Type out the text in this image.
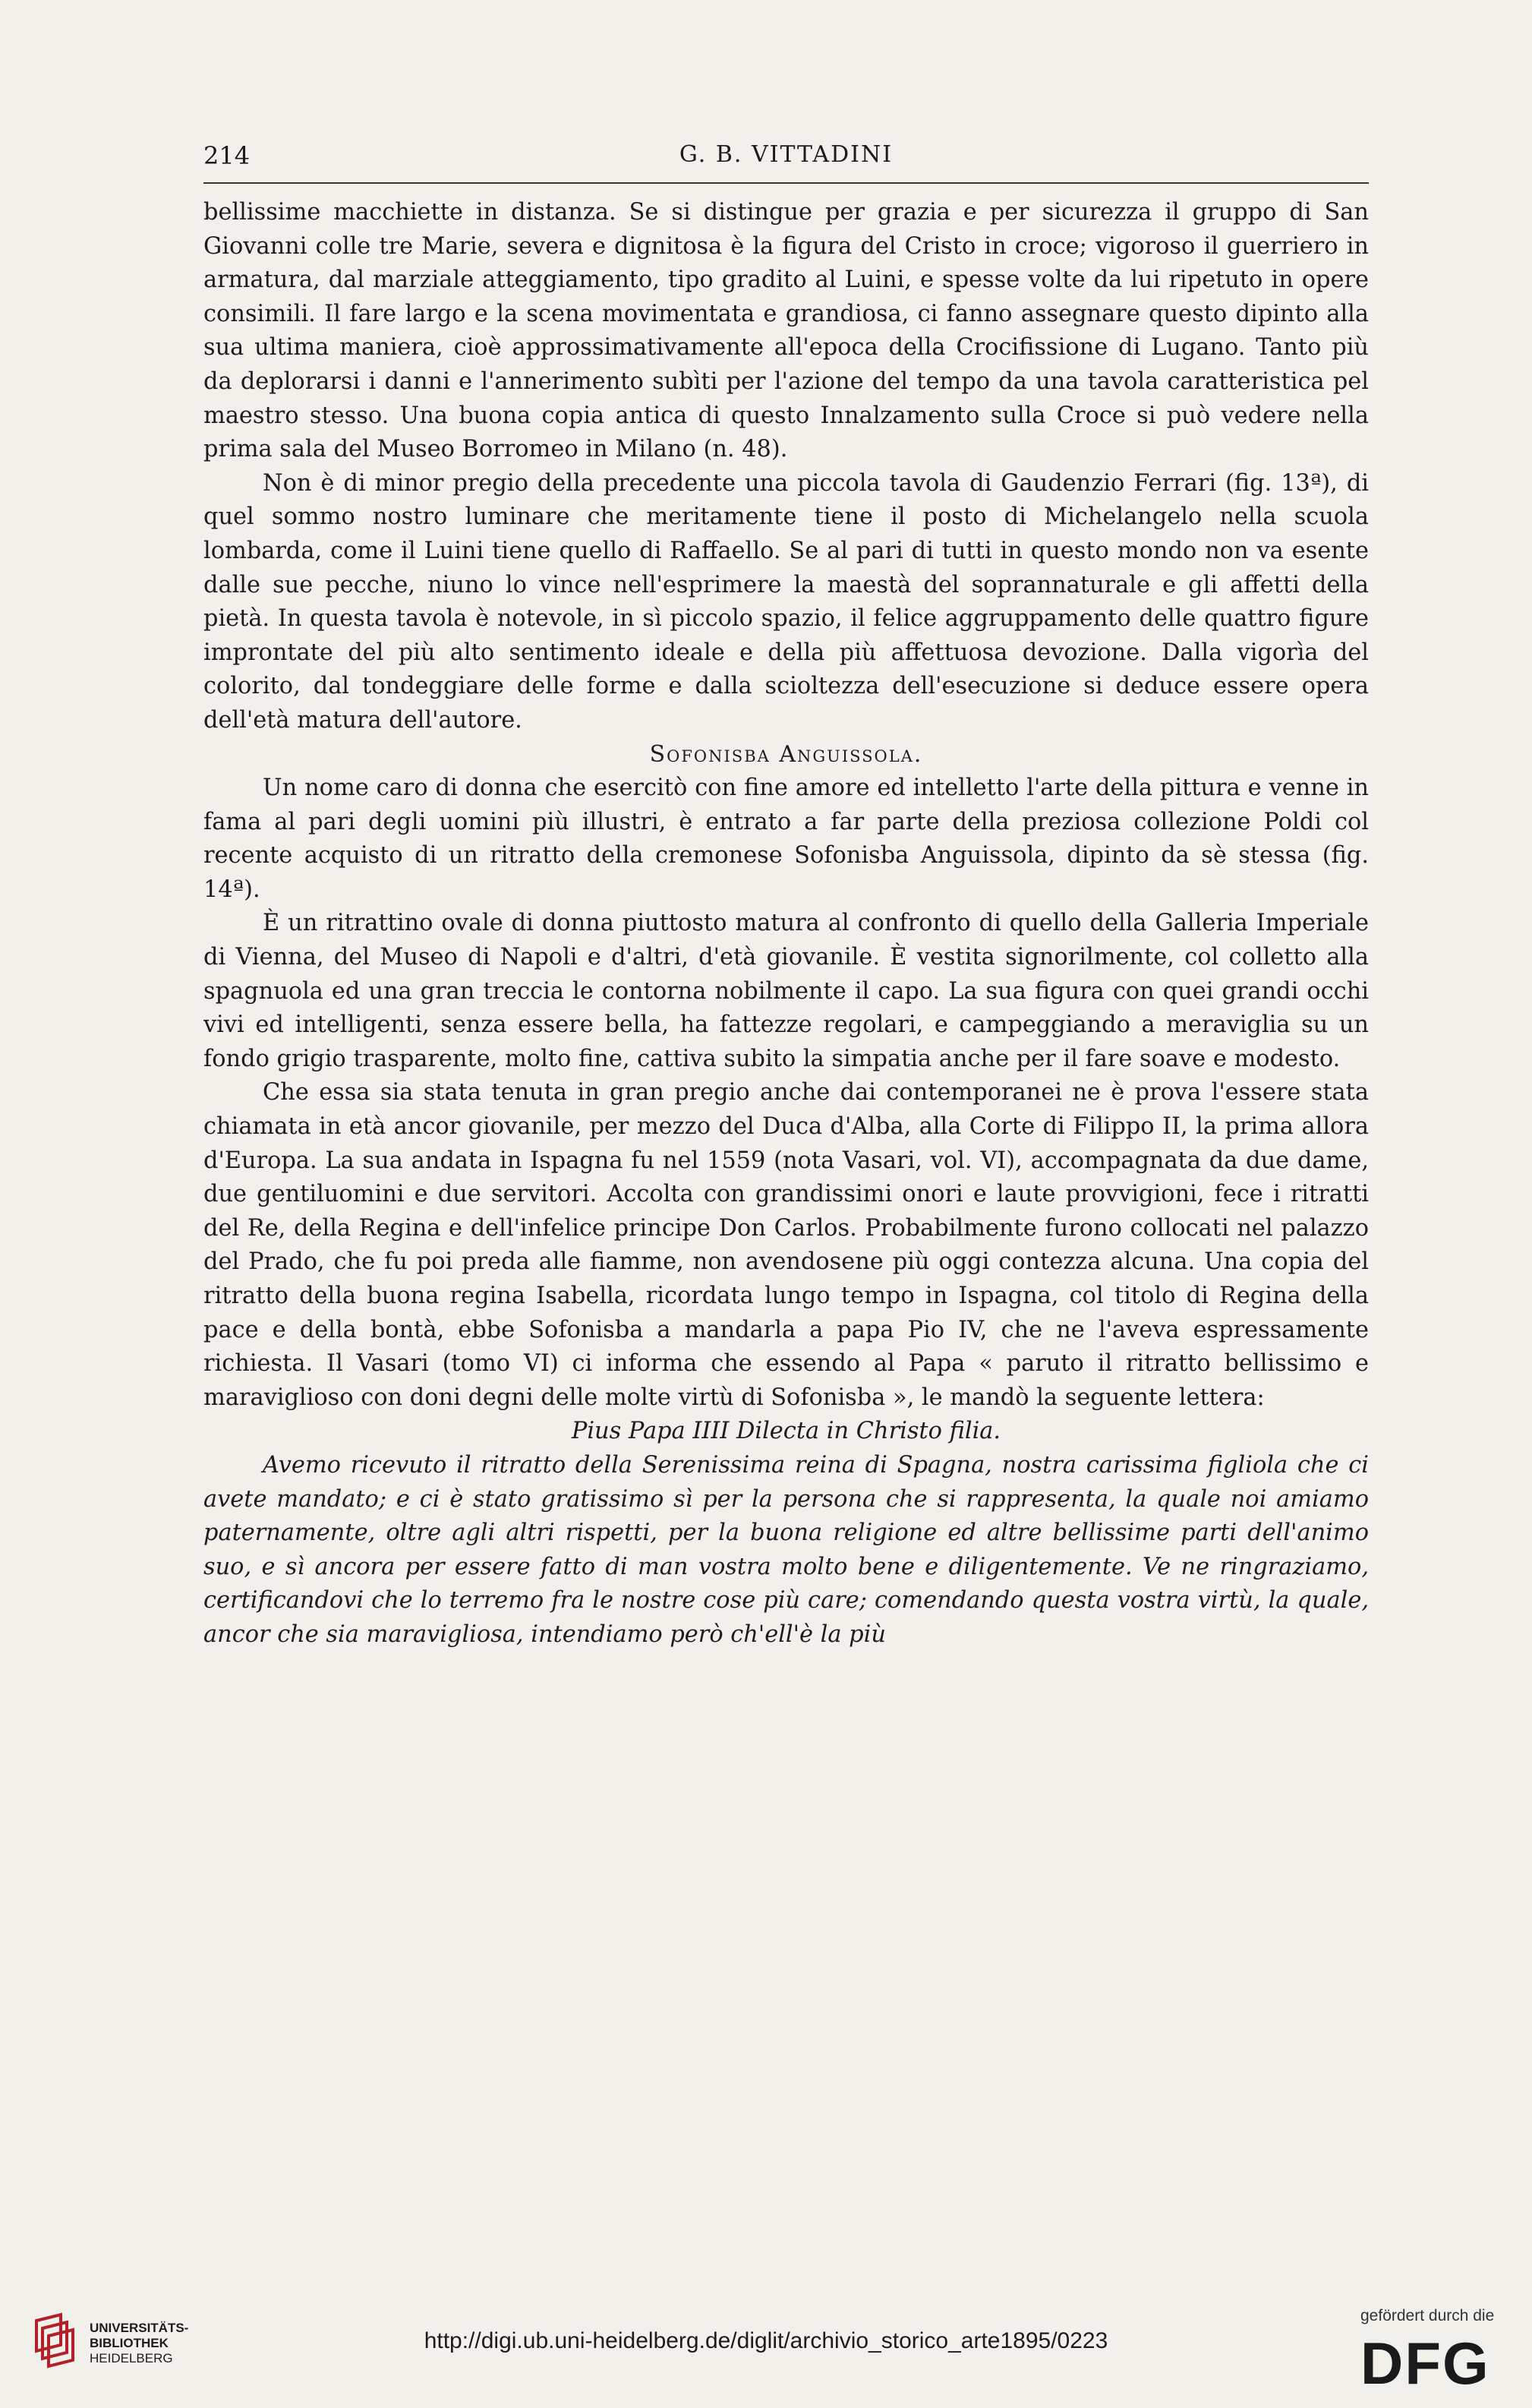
214	G. B. VITTADINI

bellissime macchiette in distanza. Se si distingue per grazia e per sicurezza il gruppo di San Giovanni colle tre Marie, severa e dignitosa è la figura del Cristo in croce; vigoroso il guerriero in armatura, dal marziale atteggiamento, tipo gradito al Luini, e spesse volte da lui ripetuto in opere consimili. Il fare largo e la scena movimentata e grandiosa, ci fanno assegnare questo dipinto alla sua ultima maniera, cioè approssimativamente all'epoca della Crocifissione di Lugano. Tanto più da deplorarsi i danni e l'annerimento subìti per l'azione del tempo da una tavola caratteristica pel maestro stesso. Una buona copia antica di questo Innalzamento sulla Croce si può vedere nella prima sala del Museo Borromeo in Milano (n. 48).

Non è di minor pregio della precedente una piccola tavola di Gaudenzio Ferrari (fig. 13ª), di quel sommo nostro luminare che meritamente tiene il posto di Michelangelo nella scuola lombarda, come il Luini tiene quello di Raffaello. Se al pari di tutti in questo mondo non va esente dalle sue pecche, niuno lo vince nell'esprimere la maestà del soprannaturale e gli affetti della pietà. In questa tavola è notevole, in sì piccolo spazio, il felice aggruppamento delle quattro figure improntate del più alto sentimento ideale e della più affettuosa devozione. Dalla vigorìa del colorito, dal tondeggiare delle forme e dalla scioltezza dell'esecuzione si deduce essere opera dell'età matura dell'autore.

Sofonisba Anguissola.

Un nome caro di donna che esercitò con fine amore ed intelletto l'arte della pittura e venne in fama al pari degli uomini più illustri, è entrato a far parte della preziosa collezione Poldi col recente acquisto di un ritratto della cremonese Sofonisba Anguissola, dipinto da sè stessa (fig. 14ª).

È un ritrattino ovale di donna piuttosto matura al confronto di quello della Galleria Imperiale di Vienna, del Museo di Napoli e d'altri, d'età giovanile. È vestita signorilmente, col colletto alla spagnuola ed una gran treccia le contorna nobilmente il capo. La sua figura con quei grandi occhi vivi ed intelligenti, senza essere bella, ha fattezze regolari, e campeggiando a meraviglia su un fondo grigio trasparente, molto fine, cattiva subito la simpatia anche per il fare soave e modesto.

Che essa sia stata tenuta in gran pregio anche dai contemporanei ne è prova l'essere stata chiamata in età ancor giovanile, per mezzo del Duca d'Alba, alla Corte di Filippo II, la prima allora d'Europa. La sua andata in Ispagna fu nel 1559 (nota Vasari, vol. VI), accompagnata da due dame, due gentiluomini e due servitori. Accolta con grandissimi onori e laute provvigioni, fece i ritratti del Re, della Regina e dell'infelice principe Don Carlos. Probabilmente furono collocati nel palazzo del Prado, che fu poi preda alle fiamme, non avendosene più oggi contezza alcuna. Una copia del ritratto della buona regina Isabella, ricordata lungo tempo in Ispagna, col titolo di Regina della pace e della bontà, ebbe Sofonisba a mandarla a papa Pio IV, che ne l'aveva espressamente richiesta. Il Vasari (tomo VI) ci informa che essendo al Papa « paruto il ritratto bellissimo e maraviglioso con doni degni delle molte virtù di Sofonisba », le mandò la seguente lettera:

Pius Papa IIII Dilecta in Christo filia.

Avemo ricevuto il ritratto della Serenissima reina di Spagna, nostra carissima figliola che ci avete mandato; e ci è stato gratissimo sì per la persona che si rappresenta, la quale noi amiamo paternamente, oltre agli altri rispetti, per la buona religione ed altre bellissime parti dell'animo suo, e sì ancora per essere fatto di man vostra molto bene e diligentemente. Ve ne ringraziamo, certificandovi che lo terremo fra le nostre cose più care; comendando questa vostra virtù, la quale, ancor che sia maravigliosa, intendiamo però ch'ell'è la più

UNIVERSITÄTS-
BIBLIOTHEK
HEIDELBERG
http://digi.ub.uni-heidelberg.de/diglit/archivio_storico_arte1895/0223
gefördert durch die
DFG
